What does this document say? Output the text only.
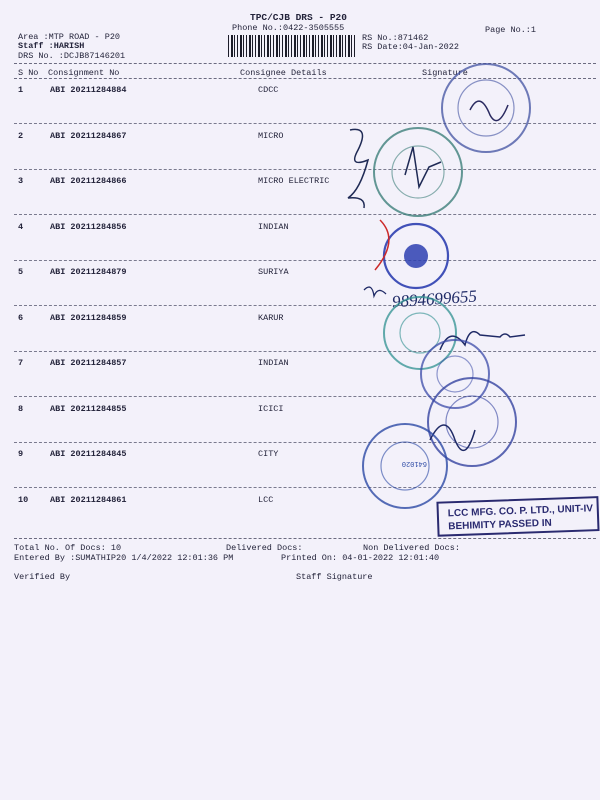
TPC/CJB DRS - P20
Phone No.:0422-3505555	Page No.:1
Area :MTP ROAD - P20
Staff :HARISH
DRS No. :DCJB87146201
RS No.:871462
RS Date:04-Jan-2022
S No Consignment No	Consignee Details	Signature
1	ABI 20211284884	CDCC
2	ABI 20211284867	MICRO
3	ABI 20211284866	MICRO ELECTRIC
4	ABI 20211284856	INDIAN
5	ABI 20211284879	SURIYA
6	ABI 20211284859	KARUR
7	ABI 20211284857	INDIAN
8	ABI 20211284855	ICICI
9	ABI 20211284845	CITY
10	ABI 20211284861	LCC
9894699655
641020
LCC MFG. CO. P. LTD., UNIT-IV
BEHIMITY PASSED IN
Total No. Of Docs: 10	Delivered Docs:	Non Delivered Docs:
Entered By :SUMATHIP20 1/4/2022 12:01:36 PM	Printed On: 04-01-2022 12:01:40
Verified By	Staff Signature
